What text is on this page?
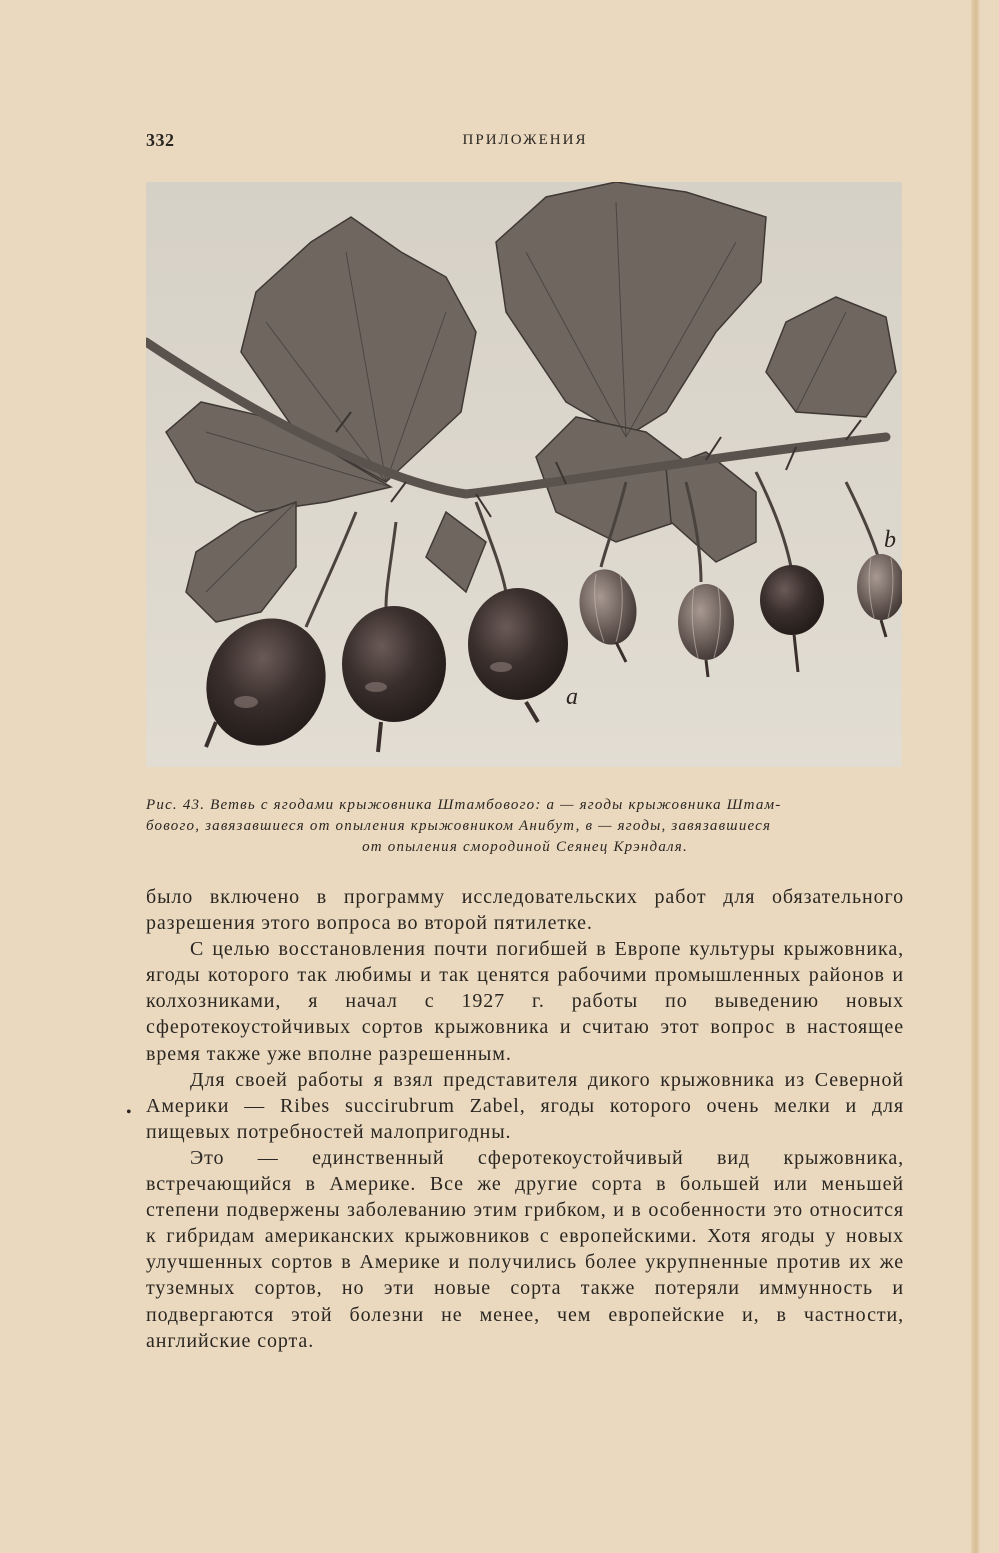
332	ПРИЛОЖЕНИЯ
a
b
Рис. 43. Ветвь с ягодами крыжовника Штамбового: а — ягоды крыжовника Штам-
бового, завязавшиеся от опыления крыжовником Анибут, в — ягоды, завязавшиеся
от опыления смородиной Сеянец Крэндаля.
•

было включено в программу исследовательских работ для обязательного разрешения этого вопроса во второй пятилетке.

С целью восстановления почти погибшей в Европе культуры крыжовника, ягоды которого так любимы и так ценятся рабочими промышленных районов и колхозниками, я начал с 1927 г. работы по выведению новых сферотекоустойчивых сортов крыжовника и считаю этот вопрос в настоящее время также уже вполне разрешенным.

Для своей работы я взял представителя дикого крыжовника из Северной Америки — Ribes succirubrum Zabel, ягоды которого очень мелки и для пищевых потребностей малопригодны.

Это — единственный сферотекоустойчивый вид крыжовника, встречающийся в Америке. Все же другие сорта в большей или меньшей степени подвержены заболеванию этим грибком, и в особенности это относится к гибридам американских крыжовников с европейскими. Хотя ягоды у новых улучшенных сортов в Америке и получились более укрупненные против их же туземных сортов, но эти новые сорта также потеряли иммунность и подвергаются этой болезни не менее, чем европейские и, в частности, английские сорта.
